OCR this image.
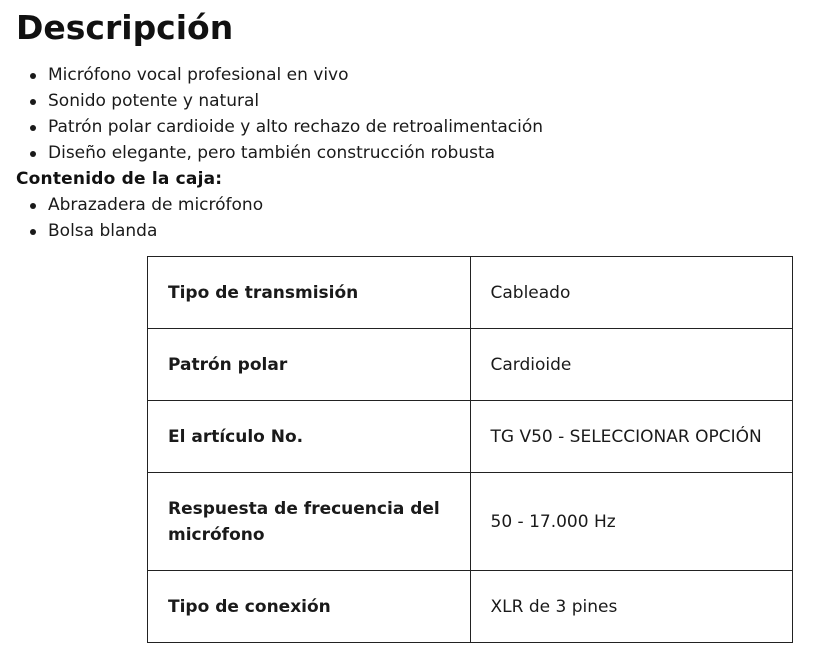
Descripción
Micrófono vocal profesional en vivo
Sonido potente y natural
Patrón polar cardioide y alto rechazo de retroalimentación
Diseño elegante, pero también construcción robusta
Contenido de la caja:
Abrazadera de micrófono
Bolsa blanda
Tipo de transmisión	Cableado
Patrón polar	Cardioide
El artículo No.	TG V50 - SELECCIONAR OPCIÓN
Respuesta de frecuencia del micrófono	50 - 17.000 Hz
Tipo de conexión	XLR de 3 pines
